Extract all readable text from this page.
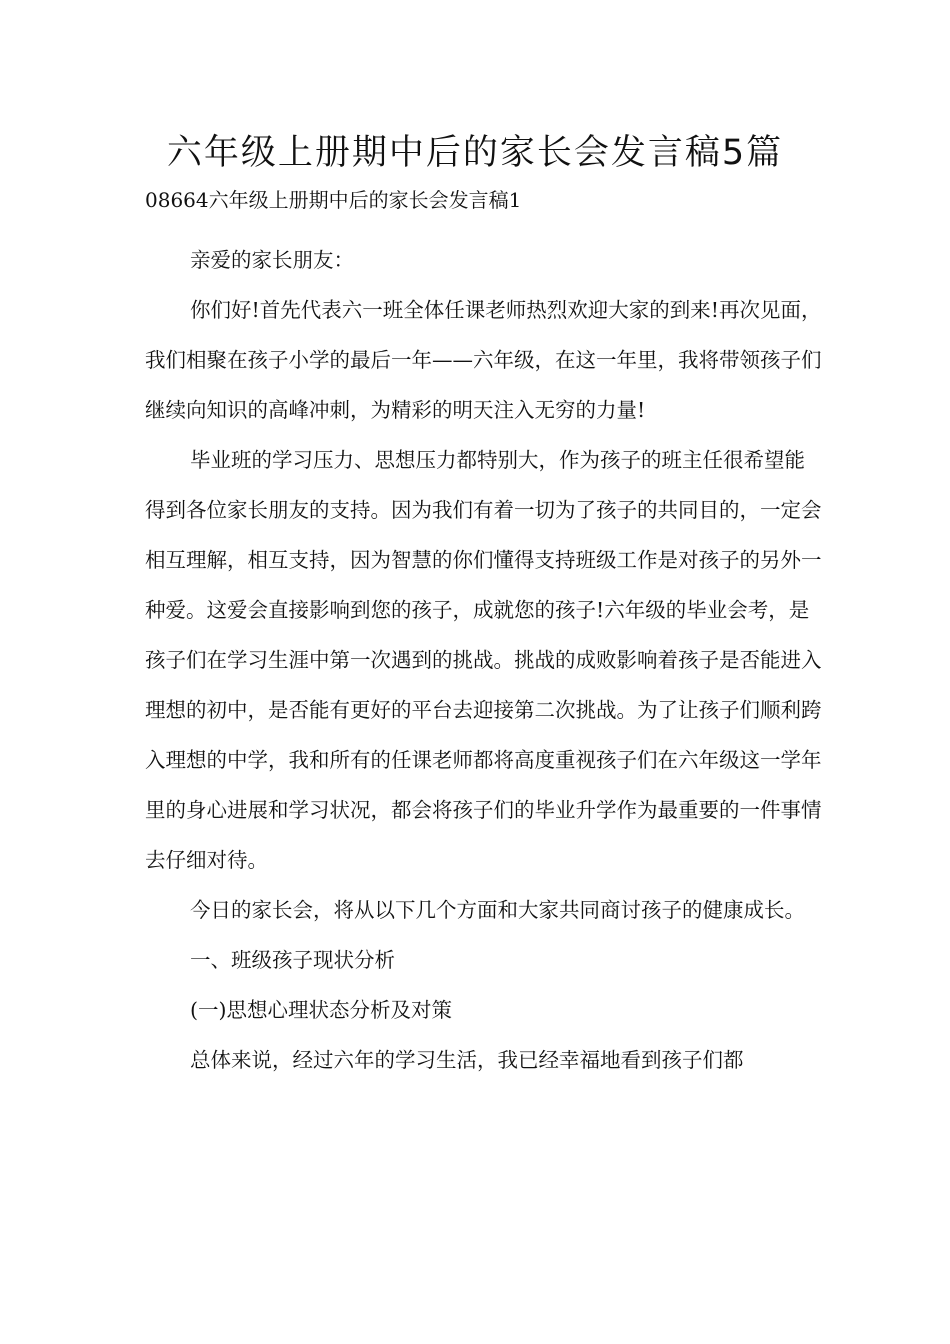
六年级上册期中后的家长会发言稿5篇
08664六年级上册期中后的家长会发言稿1

亲爱的家长朋友：

你们好!首先代表六一班全体任课老师热烈欢迎大家的到来!再次见面，我们相聚在孩子小学的最后一年——六年级，在这一年里，我将带领孩子们继续向知识的高峰冲刺，为精彩的明天注入无穷的力量!

毕业班的学习压力、思想压力都特别大，作为孩子的班主任很希望能得到各位家长朋友的支持。因为我们有着一切为了孩子的共同目的，一定会相互理解，相互支持，因为智慧的你们懂得支持班级工作是对孩子的另外一种爱。这爱会直接影响到您的孩子，成就您的孩子!六年级的毕业会考，是孩子们在学习生涯中第一次遇到的挑战。挑战的成败影响着孩子是否能进入理想的初中，是否能有更好的平台去迎接第二次挑战。为了让孩子们顺利跨入理想的中学，我和所有的任课老师都将高度重视孩子们在六年级这一学年里的身心进展和学习状况，都会将孩子们的毕业升学作为最重要的一件事情去仔细对待。

今日的家长会，将从以下几个方面和大家共同商讨孩子的健康成长。

一、班级孩子现状分析

(一)思想心理状态分析及对策

总体来说，经过六年的学习生活，我已经幸福地看到孩子们都
